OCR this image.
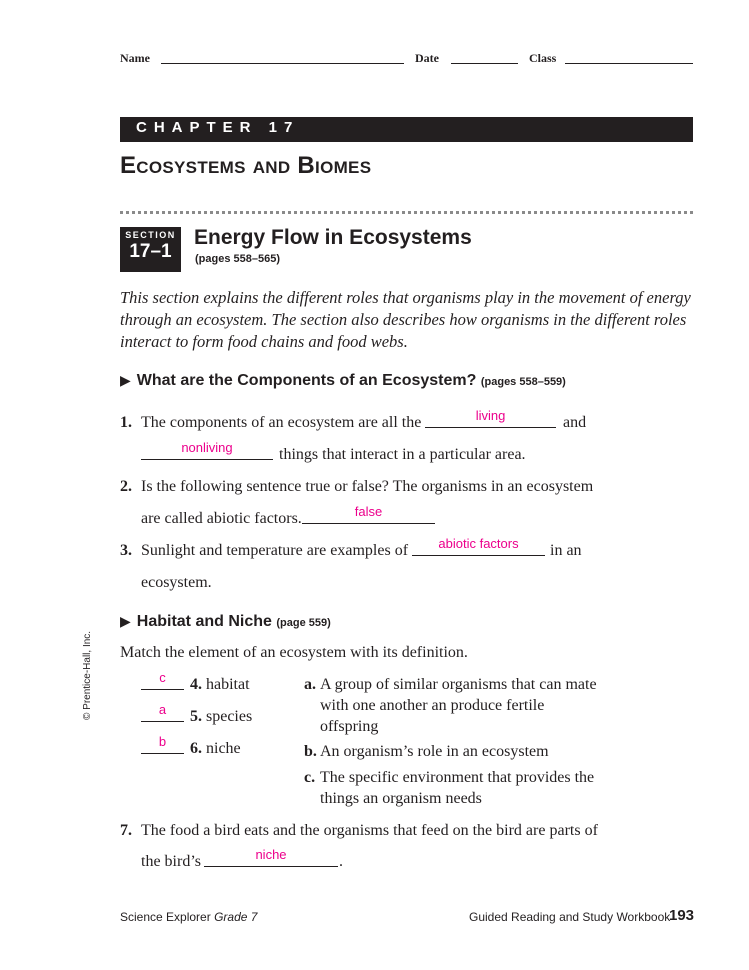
Name	Date	Class
CHAPTER 17
Ecosystems and Biomes
SECTION
17–1
Energy Flow in Ecosystems
(pages 558–565)
This section explains the different roles that organisms play in the movement of energy through an ecosystem. The section also describes how organisms in the different roles interact to form food chains and food webs.
▶ What are the Components of an Ecosystem? (pages 558–559)
1. The components of an ecosystem are all the	living	and
nonliving	things that interact in a particular area.
2. Is the following sentence true or false? The organisms in an ecosystem
are called abiotic factors.	false
3. Sunlight and temperature are examples of	abiotic factors	in an
ecosystem.
▶ Habitat and Niche (page 559)
Match the element of an ecosystem with its definition.
c	4. habitat
a	5. species
b	6. niche
a. A group of similar organisms that can mate
with one another an produce fertile
offspring
b. An organism’s role in an ecosystem
c. The specific environment that provides the
things an organism needs
7. The food a bird eats and the organisms that feed on the bird are parts of
the bird’s	niche	.
© Prentice-Hall, Inc.
Science Explorer Grade 7	Guided Reading and Study Workbook
193
